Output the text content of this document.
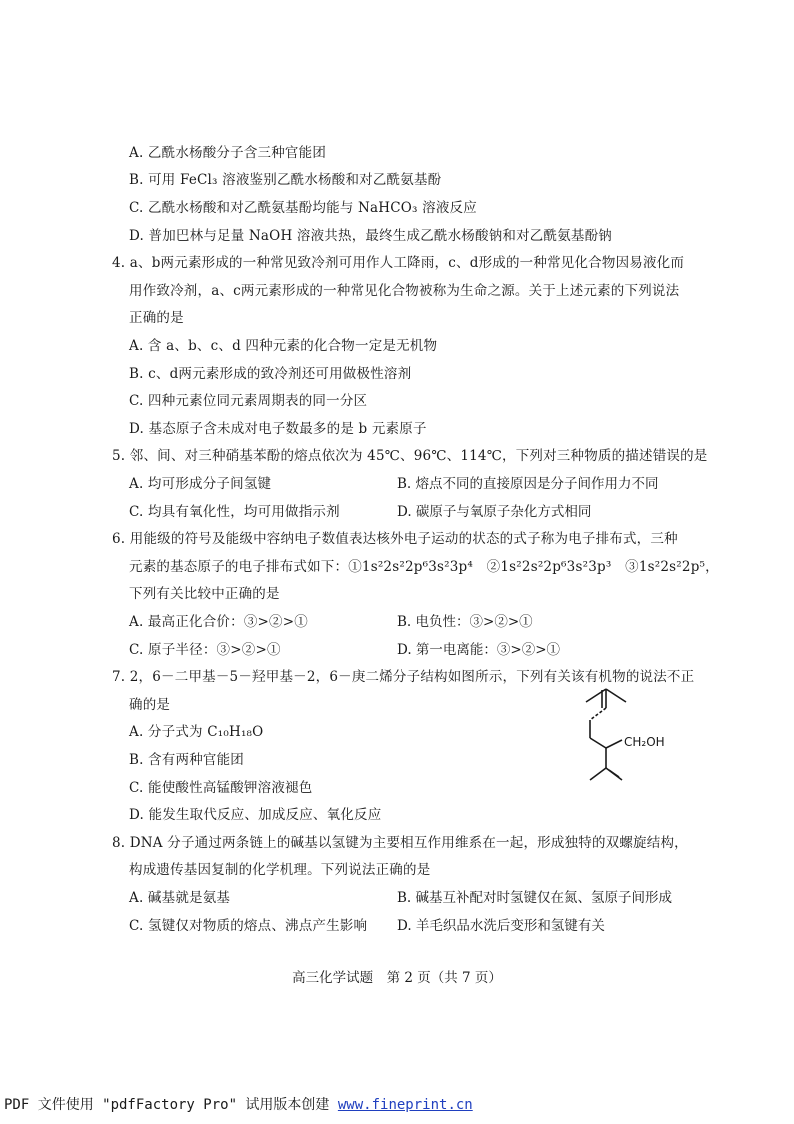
A. 乙酰水杨酸分子含三种官能团
B. 可用 FeCl₃ 溶液鉴别乙酰水杨酸和对乙酰氨基酚
C. 乙酰水杨酸和对乙酰氨基酚均能与 NaHCO₃ 溶液反应
D. 普加巴林与足量 NaOH 溶液共热，最终生成乙酰水杨酸钠和对乙酰氨基酚钠
4. a、b两元素形成的一种常见致冷剂可用作人工降雨，c、d形成的一种常见化合物因易液化而
用作致冷剂，a、c两元素形成的一种常见化合物被称为生命之源。关于上述元素的下列说法
正确的是
A. 含 a、b、c、d 四种元素的化合物一定是无机物
B. c、d两元素形成的致冷剂还可用做极性溶剂
C. 四种元素位同元素周期表的同一分区
D. 基态原子含未成对电子数最多的是 b 元素原子
5. 邻、间、对三种硝基苯酚的熔点依次为 45℃、96℃、114℃，下列对三种物质的描述错误的是
A. 均可形成分子间氢键	B. 熔点不同的直接原因是分子间作用力不同
C. 均具有氧化性，均可用做指示剂	D. 碳原子与氧原子杂化方式相同
6. 用能级的符号及能级中容纳电子数值表达核外电子运动的状态的式子称为电子排布式，三种
元素的基态原子的电子排布式如下：①1s²2s²2p⁶3s²3p⁴　②1s²2s²2p⁶3s²3p³　③1s²2s²2p⁵，
下列有关比较中正确的是
A. 最高正化合价：③>②>①	B. 电负性：③>②>①
C. 原子半径：③>②>①	D. 第一电离能：③>②>①
7. 2，6－二甲基－5－羟甲基－2，6－庚二烯分子结构如图所示，下列有关该有机物的说法不正
确的是
A. 分子式为 C₁₀H₁₈O
B. 含有两种官能团
C. 能使酸性高锰酸钾溶液褪色
D. 能发生取代反应、加成反应、氧化反应
CH₂OH
8. DNA 分子通过两条链上的碱基以氢键为主要相互作用维系在一起，形成独特的双螺旋结构，
构成遗传基因复制的化学机理。下列说法正确的是
A. 碱基就是氨基	B. 碱基互补配对时氢键仅在氮、氢原子间形成
C. 氢键仅对物质的熔点、沸点产生影响 D. 羊毛织品水洗后变形和氢键有关
高三化学试题　第 2 页（共 7 页）
PDF 文件使用 "pdfFactory Pro" 试用版本创建 www.fineprint.cn
